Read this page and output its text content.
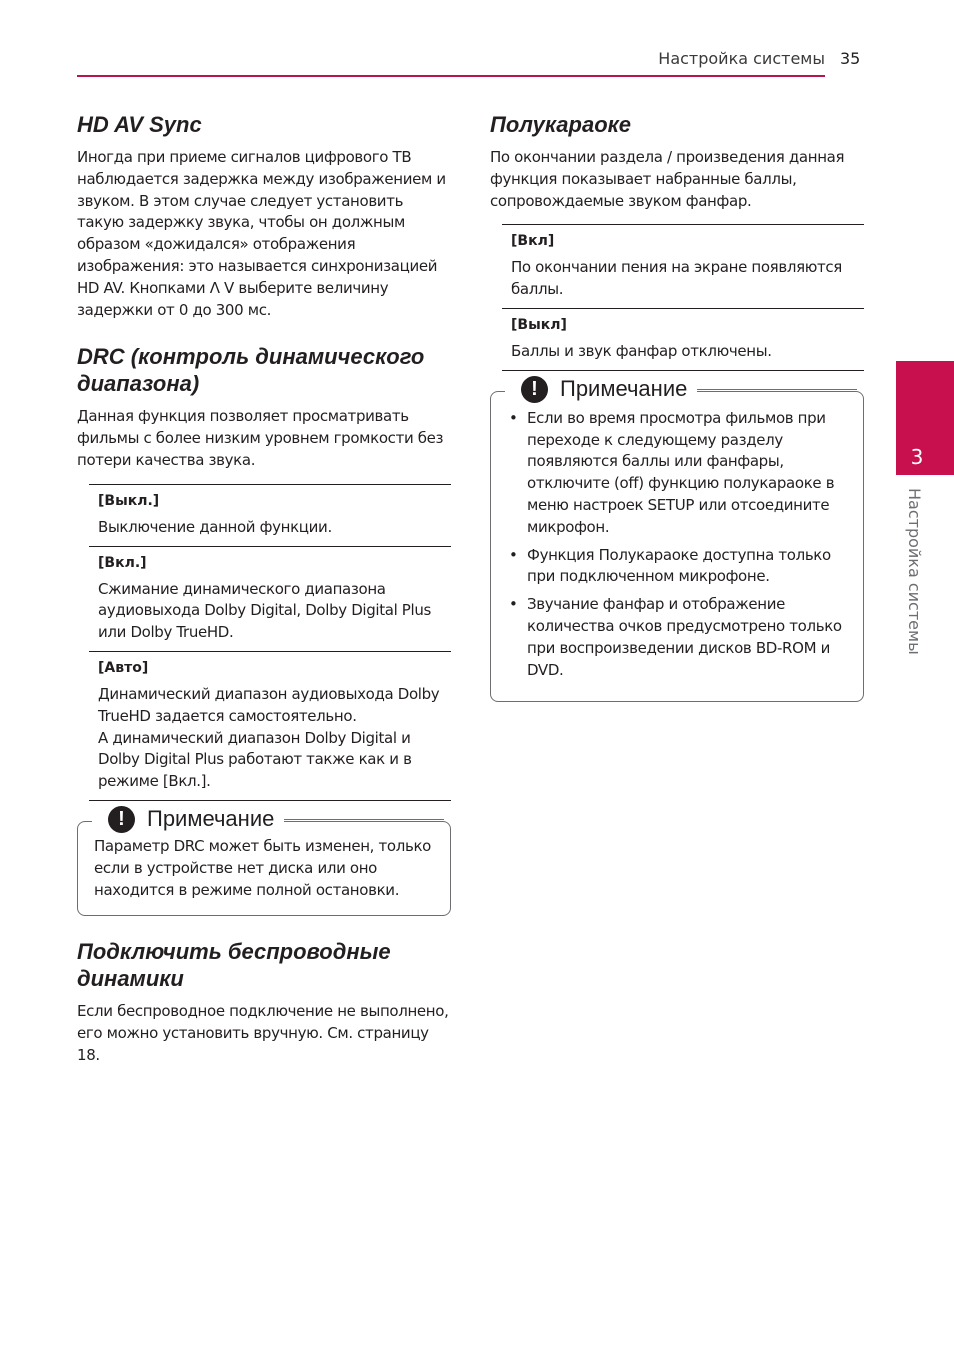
Настройка системы 35
3
Настройка системы
HD AV Sync

Иногда при приеме сигналов цифрового ТВ наблюдается задержка между изображением и звуком. В этом случае следует установить такую задержку звука, чтобы он должным образом «дожидался» отображения изображения: это называется синхронизацией HD AV. Кнопками Λ V выберите величину задержки от 0 до 300 мс.

DRC (контроль динамического диапазона)

Данная функция позволяет просматривать фильмы с более низким уровнем громкости без потери качества звука.

[Выкл.]

Выключение данной функции.

[Вкл.]

Сжимание динамического диапазона аудиовыхода Dolby Digital, Dolby Digital Plus или Dolby TrueHD.

[Авто]

Динамический диапазон аудиовыхода Dolby TrueHD задается самостоятельно.

А динамический диапазон Dolby Digital и Dolby Digital Plus работают также как и в режиме [Вкл.].

!	Примечание

Параметр DRC может быть изменен, только если в устройстве нет диска или оно находится в режиме полной остановки.

Подключить беспроводные динамики

Если беспроводное подключение не выполнено, его можно установить вручную. См. страницу 18.

Полукараоке

По окончании раздела / произведения данная функция показывает набранные баллы, сопровождаемые звуком фанфар.

[Вкл]

По окончании пения на экране появляются баллы.

[Выкл]

Баллы и звук фанфар отключены.

!	Примечание
• Если во время просмотра фильмов при переходе к следующему разделу появляются баллы или фанфары, отключите (off) функцию полукараоке в меню настроек SETUP или отсоедините микрофон.
• Функция Полукараоке доступна только при подключенном микрофоне.
• Звучание фанфар и отображение количества очков предусмотрено только при воспроизведении дисков BD-ROM и DVD.
